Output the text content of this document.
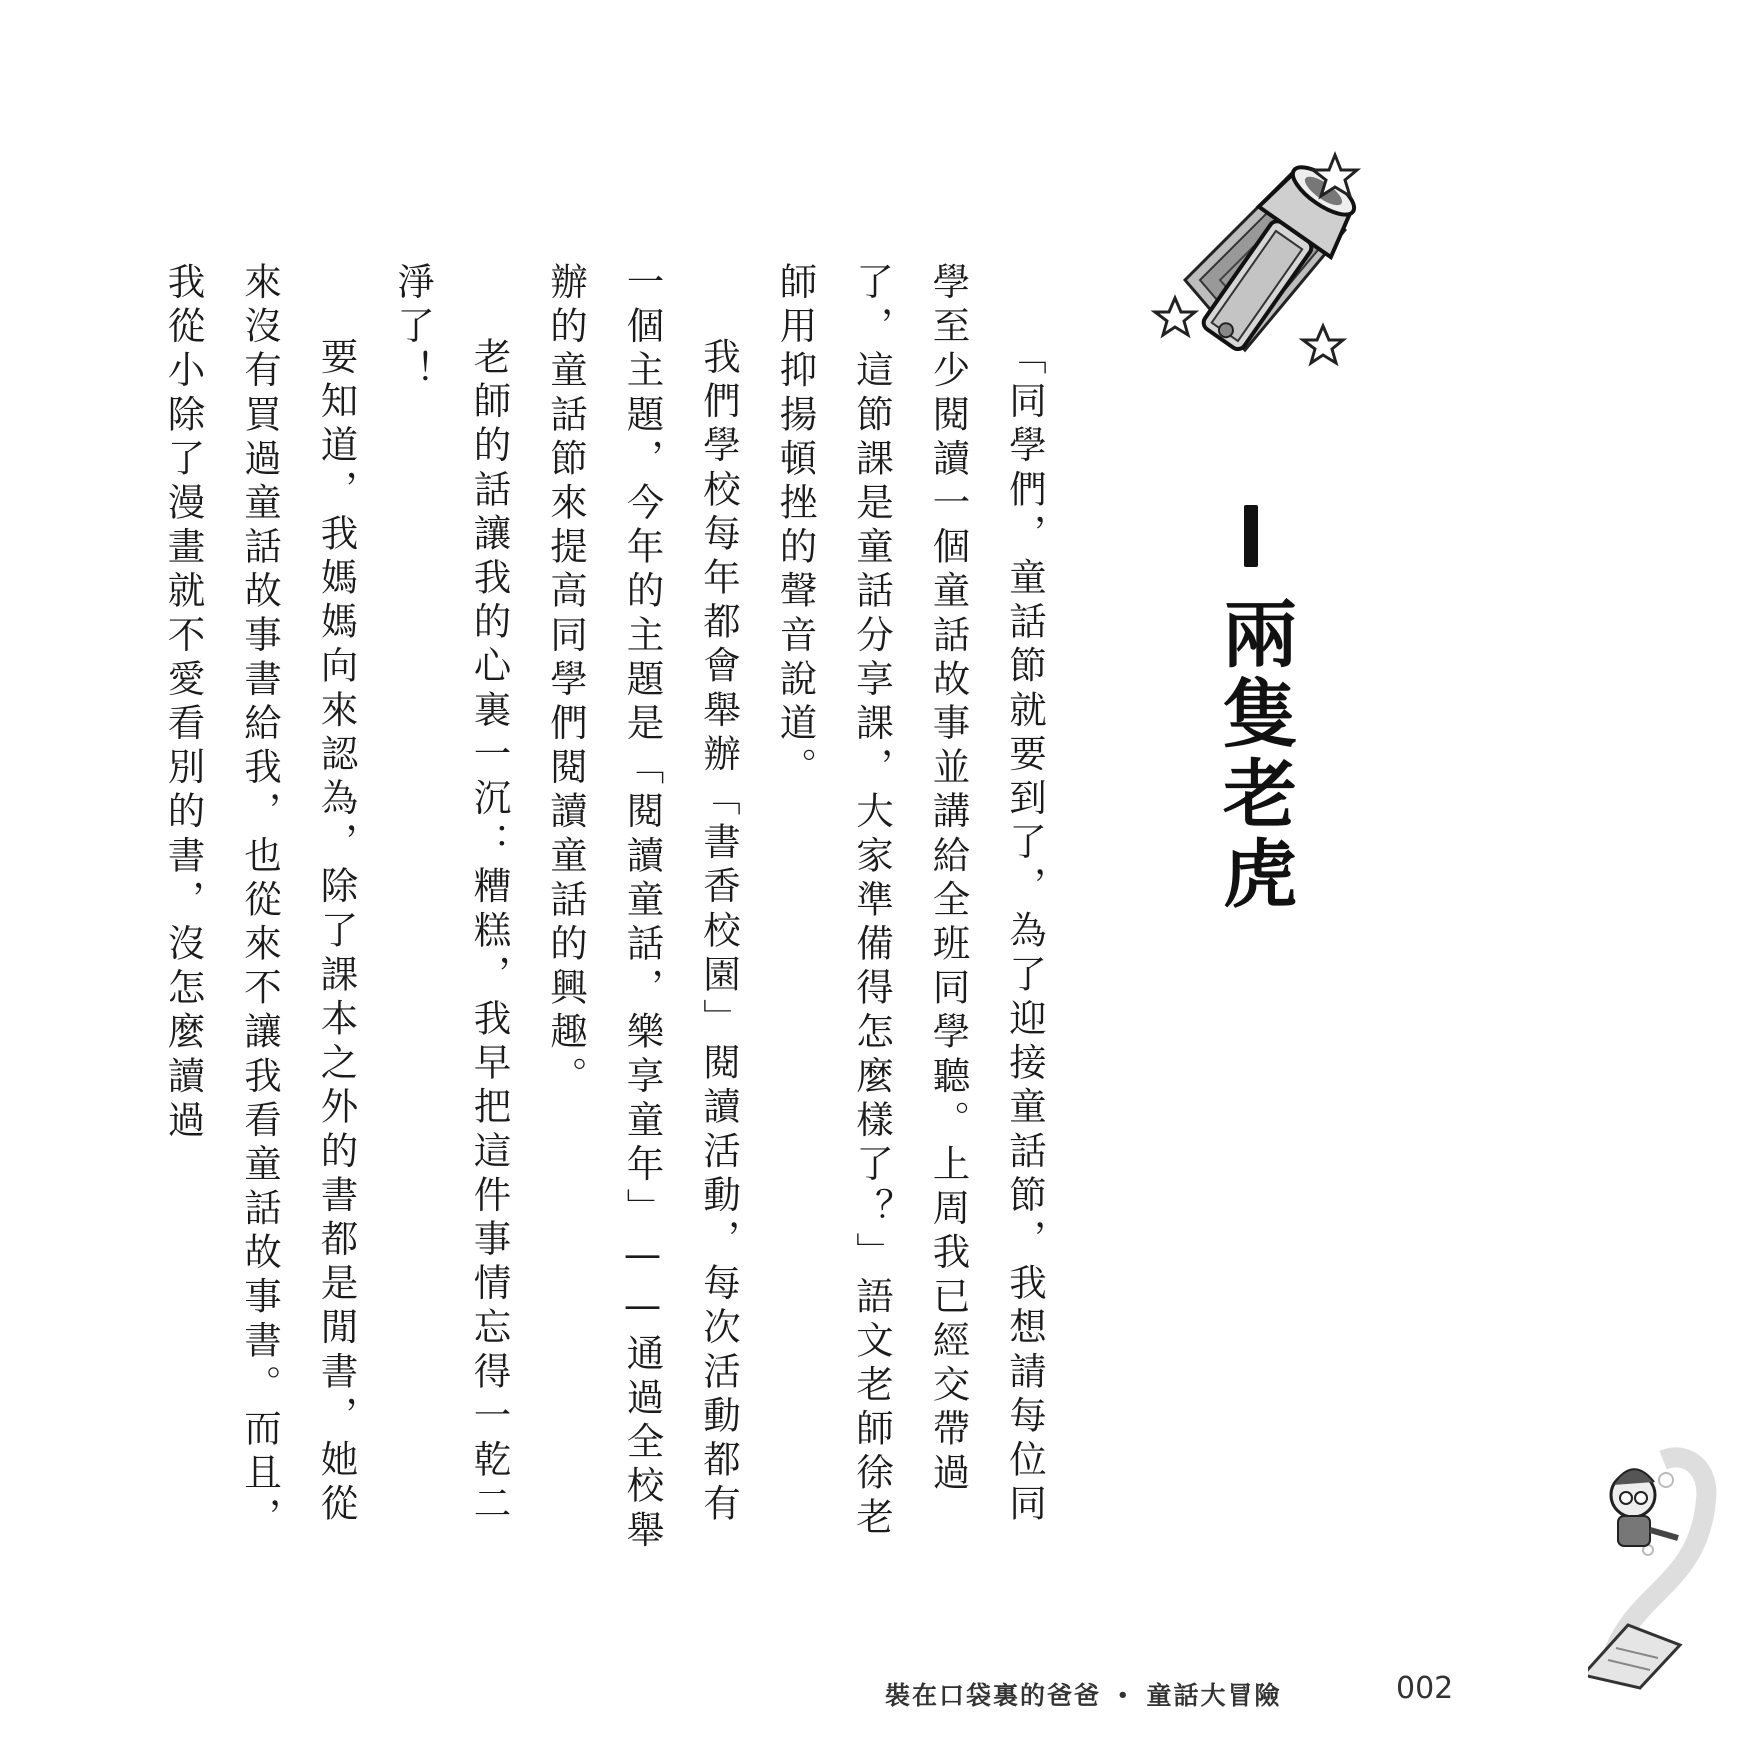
兩隻老虎

「同學們，童話節就要到了，為了迎接童話節，我想請每位同學至少閱讀一個童話故事並講給全班同學聽。上周我已經交帶過了，這節課是童話分享課，大家準備得怎麼樣了？」語文老師徐老師用抑揚頓挫的聲音說道。

我們學校每年都會舉辦「書香校園」閱讀活動，每次活動都有一個主題，今年的主題是「閱讀童話，樂享童年」——通過全校舉辦的童話節來提高同學們閱讀童話的興趣。

老師的話讓我的心裏一沉：糟糕，我早把這件事情忘得一乾二淨了！

要知道，我媽媽向來認為，除了課本之外的書都是閒書，她從來沒有買過童話故事書給我，也從來不讓我看童話故事書。而且，我從小除了漫畫就不愛看別的書，沒怎麼讀過

裝在口袋裏的爸爸 • 童話大冒險	002
